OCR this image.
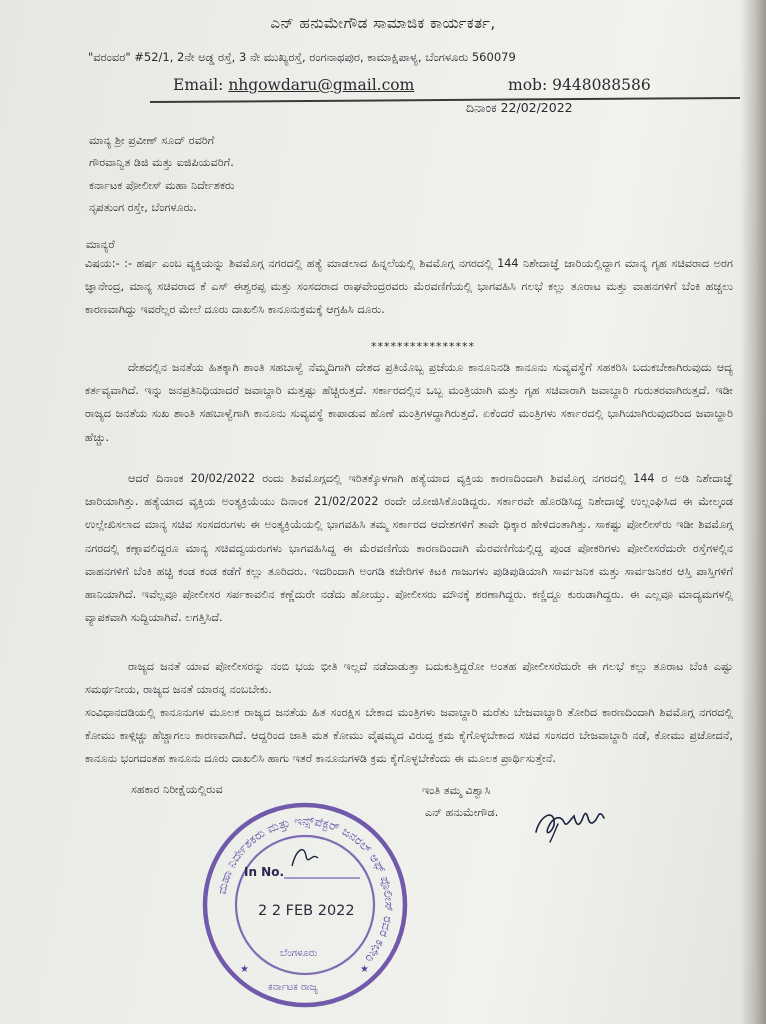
ಎನ್ ಹನುಮೇಗೌಡ ಸಾಮಾಜಿಕ ಕಾರ್ಯಕರ್ತ,
"ವರಂವರ" #52/1, 2ನೇ ಅಡ್ಡ ರಸ್ತೆ, 3 ನೇ ಮುಖ್ಯರಸ್ತೆ, ರಂಗನಾಥಪುರ, ಕಾಮಾಕ್ಷಿಪಾಳ್ಯ, ಬೆಂಗಳೂರು 560079
Email: nhgowdaru@gmail.com	mob: 9448088586
ದಿನಾಂಕ 22/02/2022
ಮಾನ್ಯ ಶ್ರೀ ಪ್ರವೀಣ್ ಸೂದ್ ರವರಿಗೆ
ಗೌರವಾನ್ವಿತ ಡಿಜಿ ಮತ್ತು ಐಜಿಪಿಯವರಿಗೆ.
ಕರ್ನಾಟಕ ಪೋಲೀಸ್ ಮಹಾ ನಿರ್ದೇಶಕರು
ನೃಪತುಂಗ ರಸ್ತೇ, ಬೆಂಗಳೂರು.
ಮಾನ್ಯರೆ
ವಿಷಯ:- :- ಹರ್ಷ ಎಂಬ ವ್ಯಕ್ತಿಯನ್ನು ಶಿವಮೊಗ್ಗ ನಗರದಲ್ಲಿ ಹತ್ಯೆ ಮಾಡಲಾದ ಹಿನ್ನಲೆಯಲ್ಲಿ ಶಿವಮೊಗ್ಗ ನಗರದಲ್ಲಿ 144 ನಿಶೇದಾಜ್ಞೆ ಜಾರಿಯಲ್ಲಿದ್ದಾಗ ಮಾನ್ಯ ಗೃಹ ಸಚಿವರಾದ ಅರಗ ಜ್ಞಾನೇಂದ್ರ, ಮಾನ್ಯ ಸಚಿವರಾದ ಕೆ ಎಸ್ ಈಶ್ವರಪ್ಪ ಮತ್ತು ಸಂಸದರಾದ ರಾಘವೇಂದ್ರರವರು ಮೆರವಣಿಗೆಯಲ್ಲಿ ಭಾಗವಹಿಸಿ ಗಲಭೆ ಕಲ್ಲು ತೂರಾಟ ಮತ್ತು ವಾಹನಗಳಿಗೆ ಬೆಂಕಿ ಹಚ್ಚಲು ಕಾರಣವಾಗಿದ್ದು ಇವರೆಲ್ಲರ ಮೇಲೆ ದೂರು ದಾಖಲಿಸಿ ಕಾನೂನುಕ್ರಮಕ್ಕೆ ಆಗ್ರಹಿಸಿ ದೂರು.
****************
ದೇಶದಲ್ಲಿನ ಜನತೆಯ ಹಿತಕ್ಕಾಗಿ ಶಾಂತಿ ಸಹಬಾಳ್ವೆ ನೆಮ್ಮದಿಗಾಗಿ ದೇಶದ ಪ್ರತಿಯೊಬ್ಬ ಪ್ರಜೆಯೂ ಕಾನೂನಿನಡಿ ಕಾನೂನು ಸುವ್ಯವಸ್ಥೆಗೆ ಸಹಕರಿಸಿ ಬದುಕಬೇಕಾಗಿರುವುದು ಆದ್ಯ ಕರ್ತವ್ಯವಾಗಿದೆ. ಇನ್ನು ಜನಪ್ರತಿನಿಧಿಯಾದರೆ ಜವಾಬ್ದಾರಿ ಮತ್ತಷ್ಟು ಹೆಚ್ಚಿರುತ್ತದೆ. ಸರ್ಕಾರದಲ್ಲಿನ ಒಬ್ಬ ಮಂತ್ರಿಯಾಗಿ ಮತ್ತು ಗೃಹ ಸಚಿವಾರಾಗಿ ಜವಾಬ್ದಾರಿ ಗುರುತರವಾಗಿರುತ್ತದೆ. ಇಡೀ ರಾಜ್ಯದ ಜನತೆಯ ಸುಖ ಶಾಂತಿ ಸಹಬಾಳ್ವೆಗಾಗಿ ಕಾನೂನು ಸುವ್ಯವಸ್ಥೆ ಕಾಪಾಡುವ ಹೊಣೆ ಮಂತ್ರಿಗಳದ್ದಾಗಿರುತ್ತದೆ. ಏಕೆಂದರೆ ಮಂತ್ರಿಗಳು ಸರ್ಕಾರದಲ್ಲಿ ಭಾಗಿಯಾಗಿರುವುದರಿಂದ ಜವಾಬ್ದಾರಿ ಹೆಚ್ಚು.
ಆದರೆ ದಿನಾಂಕ 20/02/2022 ರಂದು ಶಿವಮೊಗ್ಗದಲ್ಲಿ ಇರಿತಕ್ಕೊಳಗಾಗಿ ಹತ್ಯೆಯಾದ ವ್ಯಕ್ತಿಯ ಕಾರಣದಿಂದಾಗಿ ಶಿವಮೊಗ್ಗ ನಗರದಲ್ಲಿ 144 ರ ಅಡಿ ನಿಶೇದಾಜ್ಞೆ ಜಾರಿಯಾಗಿತ್ತು. ಹತ್ಯೆಯಾದ ವ್ಯಕ್ತಿಯ ಅಂತ್ಯಕ್ರಿಯೆಯು ದಿನಾಂಕ 21/02/2022 ರಂದೇ ಯೋಜಿಸಿಕೊಂಡಿದ್ದರು. ಸರ್ಕಾರವೇ ಹೊರಡಿಸಿದ್ದ ನಿಶೇದಾಜ್ಞೆ ಉಲ್ಲಂಘಿಸಿದ ಈ ಮೇಲ್ಕಂಡ ಉಲ್ಲೇಖಿಸಲಾದ ಮಾನ್ಯ ಸಚಿವ ಸಂಸದರುಗಳು ಈ ಅಂತ್ಯಕ್ರಿಯೆಯಲ್ಲಿ ಭಾಗವಹಿಸಿ ತಮ್ಮ ಸರ್ಕಾರದ ಆದೇಶಗಳಿಗೆ ತಾವೇ ಧಿಕ್ಕಾರ ಹೇಳಿದಂತಾಗಿತ್ತು. ಸಾಕಷ್ಟು ಪೋಲೀಸ್‌ರು ಇಡೀ ಶಿವಮೊಗ್ಗ ನಗರದಲ್ಲಿ ಕಣ್ಗಾವಲಿದ್ದರೂ ಮಾನ್ಯ ಸಚಿವದ್ವಯರುಗಳು ಭಾಗವಹಿಸಿದ್ದ ಈ ಮೆರವಣಿಗೆಯ ಕಾರಣದಿಂದಾಗಿ ಮೆರವಣಿಗೆಯಲ್ಲಿದ್ದ ಪುಂಡ ಪೋಕರಿಗಳು ಪೋಲೀಸರೆದುರೇ ರಸ್ತೆಗಳಲ್ಲಿನ ವಾಹನಗಳಿಗೆ ಬೆಂಕಿ ಹಚ್ಚಿ ಕಂಡ ಕಂಡ ಕಡೆಗೆ ಕಲ್ಲು ತೂರಿದರು. ಇದರಿಂದಾಗಿ ಅಂಗಡಿ ಕಚೇರಿಗಳ ಕಿಟಕಿ ಗಾಜುಗಳು ಪುಡಿಪುಡಿಯಾಗಿ ಸಾರ್ವಜನಿಕ ಮತ್ತು ಸಾರ್ವಜನಿಕರ ಆಸ್ತಿ ಪಾಸ್ತಿಗಳಿಗೆ ಹಾನಿಯಾಗಿದೆ. ಇವೆಲ್ಲವೂ ಪೋಲೀಸರ ಸರ್ಪಕಾವಲಿನ ಕಣ್ಣೆದುರೇ ನಡೆದು ಹೋಯ್ತು. ಪೋಲೀಸರು ಮೌನಕ್ಕೆ ಶರಣಾಗಿದ್ದರು. ಕಣ್ಣಿದ್ದೂ ಕುರುಡಾಗಿದ್ದರು. ಈ ಎಲ್ಲವೂ ಮಾದ್ಯಮಗಳಲ್ಲಿ ವ್ಯಾಪಕವಾಗಿ ಸುದ್ದಿಯಾಗಿವೆ. ಲಗತ್ತಿಸಿದೆ.
ರಾಜ್ಯದ ಜನತೆ ಯಾವ ಪೋಲೀಸರನ್ನು ನಂಬಿ ಭಯ ಭೀತಿ ಇಲ್ಲದೆ ನಡೆದಾಡುತ್ತಾ ಬದುಕುತ್ತಿದ್ದರೋ ಅಂತಹ ಪೋಲೀಸರೆದುರೇ ಈ ಗಲಭೆ ಕಲ್ಲು ತೂರಾಟ ಬೆಂಕಿ ಎಷ್ಟು ಸಮರ್ಥನೀಯ, ರಾಜ್ಯದ ಜನತೆ ಯಾರನ್ನ ನಂಬಬೇಕು.
ಸಂವಿಧಾನದಡಿಯಲ್ಲಿ ಕಾನೂನುಗಳ ಮೂಲಕ ರಾಜ್ಯದ ಜನತೆಯ ಹಿತ ಸಂರಕ್ಷಿಸ ಬೇಕಾದ ಮಂತ್ರಿಗಳು ಜವಾಬ್ದಾರಿ ಮರೆತು ಬೇಜವಾಬ್ದಾರಿ ತೋರಿದ ಕಾರಣದಿಂದಾಗಿ ಶಿವಮೊಗ್ಗ ನಗರದಲ್ಲಿ ಕೋಮು ಕಾಳ್ಗಿಚ್ಚು ಹೆಚ್ಚಾಗಲು ಕಾರಣವಾಗಿದೆ. ಆದ್ದರಿಂದ ಜಾತಿ ಮತ ಕೋಮು ವೈಷಮ್ಯದ ವಿರುದ್ಧ ಕ್ರಮ ಕೈಗೊಳ್ಳಬೇಕಾದ ಸಚಿವ ಸಂಸದರ ಬೇಜವಾಬ್ದಾರಿ ನಡೆ, ಕೋಮು ಪ್ರಚೋದನೆ, ಕಾನೂನು ಭಂಗದಂತಹ ಕಾನೂನು ದೂರು ದಾಖಲಿಸಿ ಹಾಗು ಇತರೆ ಕಾನೂನುಗಳಡಿ ಕ್ರಮ ಕೈಗೊಳ್ಳಬೇಕೆಂದು ಈ ಮೂಲಕ ಪ್ರಾರ್ಥಿಸುತ್ತೇನೆ.
ಸಹಕಾರ ನಿರೀಕ್ಷೆಯಲ್ಲಿರುವ	ಇಂತಿ ತಮ್ಮ ವಿಶ್ವಾಸಿ
ಎನ್ ಹನುಮೇಗೌಡ.
ಮಹಾ ನಿರ್ದೇಶಕರು ಮತ್ತು ಇನ್ಸ್‌ಪೆಕ್ಟರ್ ಜನರಲ್ ಆಫ್ ಪೊಲೀಸ್ ರವರ ಕಛೇರಿ
In No.
2 2 FEB 2022
ಬೆಂಗಳೂರು
ಕರ್ನಾಟಕ ರಾಜ್ಯ
★	★
